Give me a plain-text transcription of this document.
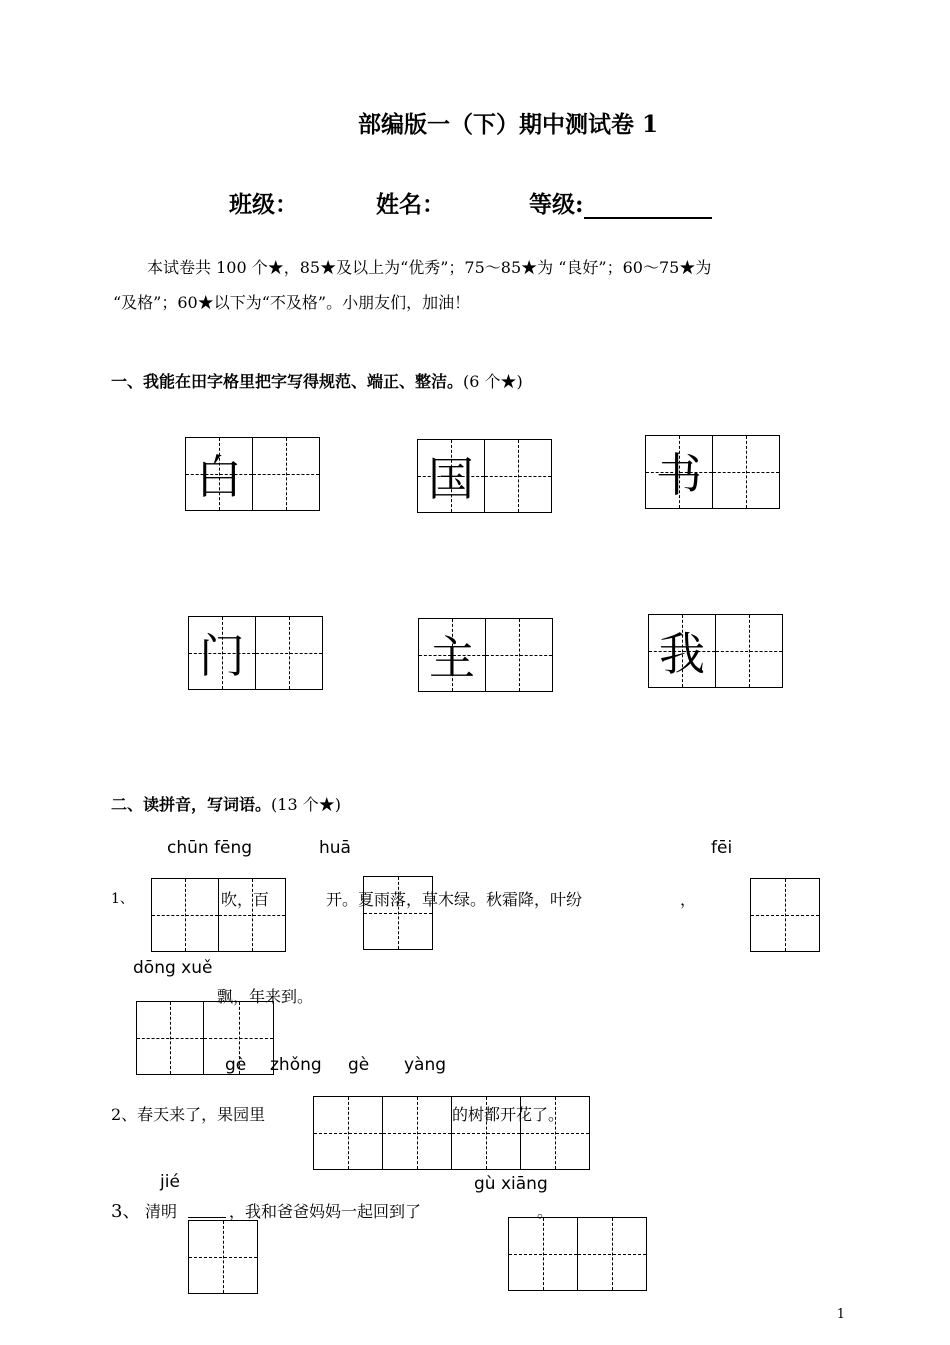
部编版一（下）期中测试卷 1
班级：	姓名：	等级:
本试卷共 100 个★，85★及以上为“优秀”；75～85★为 “良好”；60～75★为
“及格”；60★以下为“不及格”。小朋友们，加油！
一、我能在田字格里把字写得规范、端正、整洁。(6 个★)
白	国	书
门	主	我
二、读拼音，写词语。(13 个★)
chūn fēng	huā	fēi
1、	吹，百	开。夏雨落，草木绿。秋霜降，叶纷	，
dōng xuě
飘，年来到。
gè zhǒng gè yàng
2、春天来了，果园里	的树都开花了。
jié	gù xiāng
3、 清明	，我和爸爸妈妈一起回到了	。
1
